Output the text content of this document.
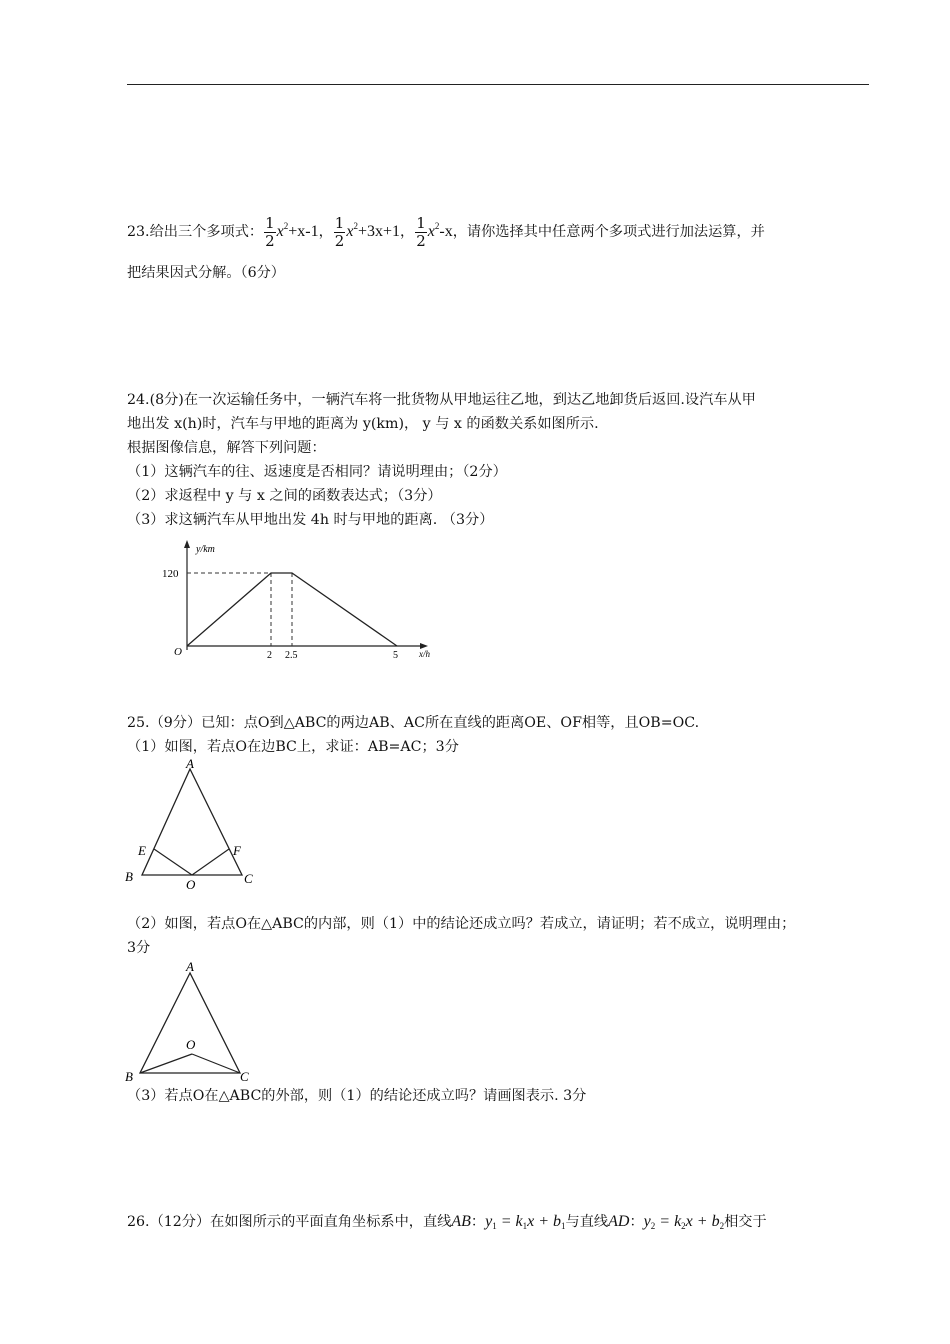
23.给出三个多项式： $\frac{1}{2} x^2+x-1$， $\frac{1}{2} x^2+3x+1$， $\frac{1}{2} x^2-x$，请你选择其中任意两个多项式进行加法运算，并
把结果因式分解。（6分）
24.(8分)在一次运输任务中，一辆汽车将一批货物从甲地运往乙地，到达乙地卸货后返回.设汽车从甲
地出发 x(h)时，汽车与甲地的距离为 y(km)， y 与 x 的函数关系如图所示.
根据图像信息，解答下列问题：
（1）这辆汽车的往、返速度是否相同？请说明理由；（2分）
（2）求返程中 y 与 x 之间的函数表达式；（3分）
（3）求这辆汽车从甲地出发 4h 时与甲地的距离. （3分）
y/km
120
O	2 2.5	5 x/h
25.（9分）已知：点O到△ABC的两边AB、AC所在直线的距离OE、OF相等，且OB=OC.
（1）如图，若点O在边BC上，求证：AB=AC；3分
A
B	C
E	F
O
（2）如图，若点O在△ABC的内部，则（1）中的结论还成立吗？若成立，请证明；若不成立，说明理由；
3分
A
B	C
O
（3）若点O在△ABC的外部，则（1）的结论还成立吗？请画图表示. 3分
26.（12分）在如图所示的平面直角坐标系中，直线AB：$y_1 = k_1x + b_1$与直线AD：$y_2 = k_2x + b_2$相交于
